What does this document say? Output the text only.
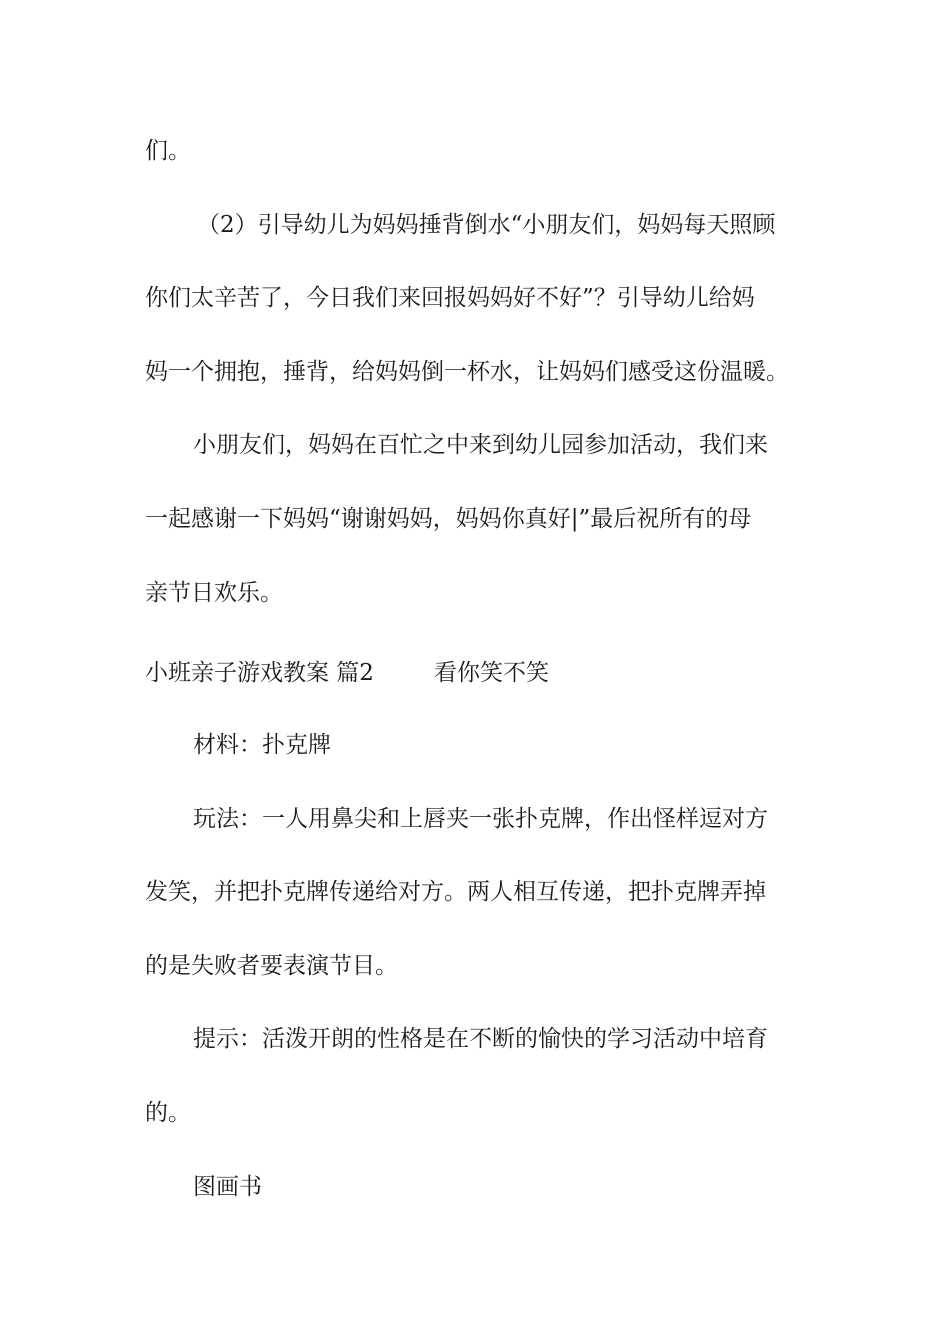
们。
（2）引导幼儿为妈妈捶背倒水“小朋友们，妈妈每天照顾
你们太辛苦了，今日我们来回报妈妈好不好”？引导幼儿给妈
妈一个拥抱，捶背，给妈妈倒一杯水，让妈妈们感受这份温暖。
小朋友们，妈妈在百忙之中来到幼儿园参加活动，我们来
一起感谢一下妈妈“谢谢妈妈，妈妈你真好|”最后祝所有的母
亲节日欢乐。
小班亲子游戏教案 篇2	看你笑不笑
材料：扑克牌
玩法：一人用鼻尖和上唇夹一张扑克牌，作出怪样逗对方
发笑，并把扑克牌传递给对方。两人相互传递，把扑克牌弄掉
的是失败者要表演节目。
提示：活泼开朗的性格是在不断的愉快的学习活动中培育
的。
图画书
